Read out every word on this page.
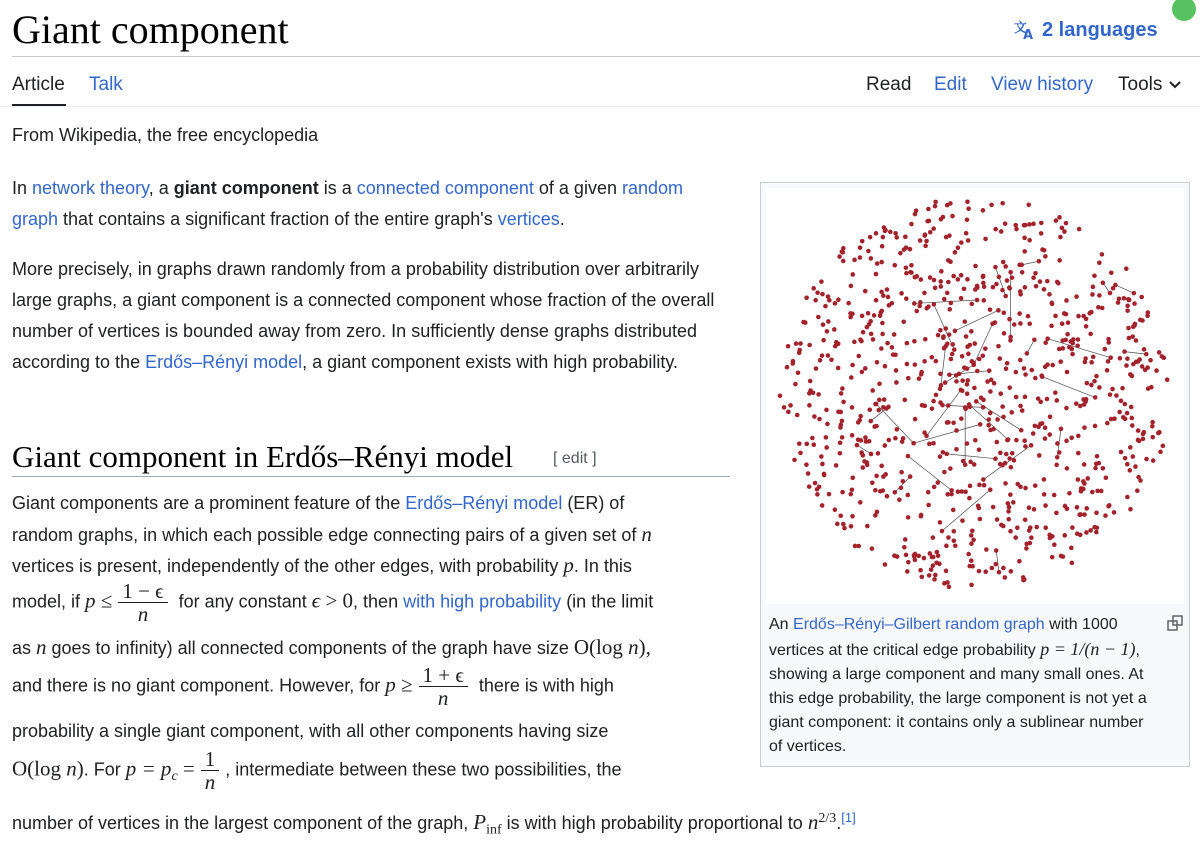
Giant component	文
A 2 languages
Article Talk	Read Edit View history Tools
From Wikipedia, the free encyclopedia

In network theory, a giant component is a connected component of a given random graph that contains a significant fraction of the entire graph's vertices.

More precisely, in graphs drawn randomly from a probability distribution over arbitrarily large graphs, a giant component is a connected component whose fraction of the overall number of vertices is bounded away from zero. In sufficiently dense graphs distributed according to the Erdős–Rényi model, a giant component exists with high probability.

Giant component in Erdős–Rényi model [ edit ]
Giant components are a prominent feature of the Erdős–Rényi model (ER) of
random graphs, in which each possible edge connecting pairs of a given set of n
vertices is present, independently of the other edges, with probability p. In this
model, if $p \le \frac{1 - \epsilon}{n}$ for any constant ϵ > 0, then with high probability (in the limit
as n goes to infinity) all connected components of the graph have size O(log n),
and there is no giant component. However, for $p \ge \frac{1 + \epsilon}{n}$ there is with high
probability a single giant component, with all other components having size
O(log n). For $p = p_c = \frac{1}{n}$ , intermediate between these two possibilities, the
number of vertices in the largest component of the graph, $P_{inf}$ is with high probability proportional to $n^{2/3}.[1]$
An Erdős–Rényi–Gilbert random graph with 1000 vertices at the critical edge probability p = 1/(n − 1), showing a large component and many small ones. At this edge probability, the large component is not yet a giant component: it contains only a sublinear number of vertices.
